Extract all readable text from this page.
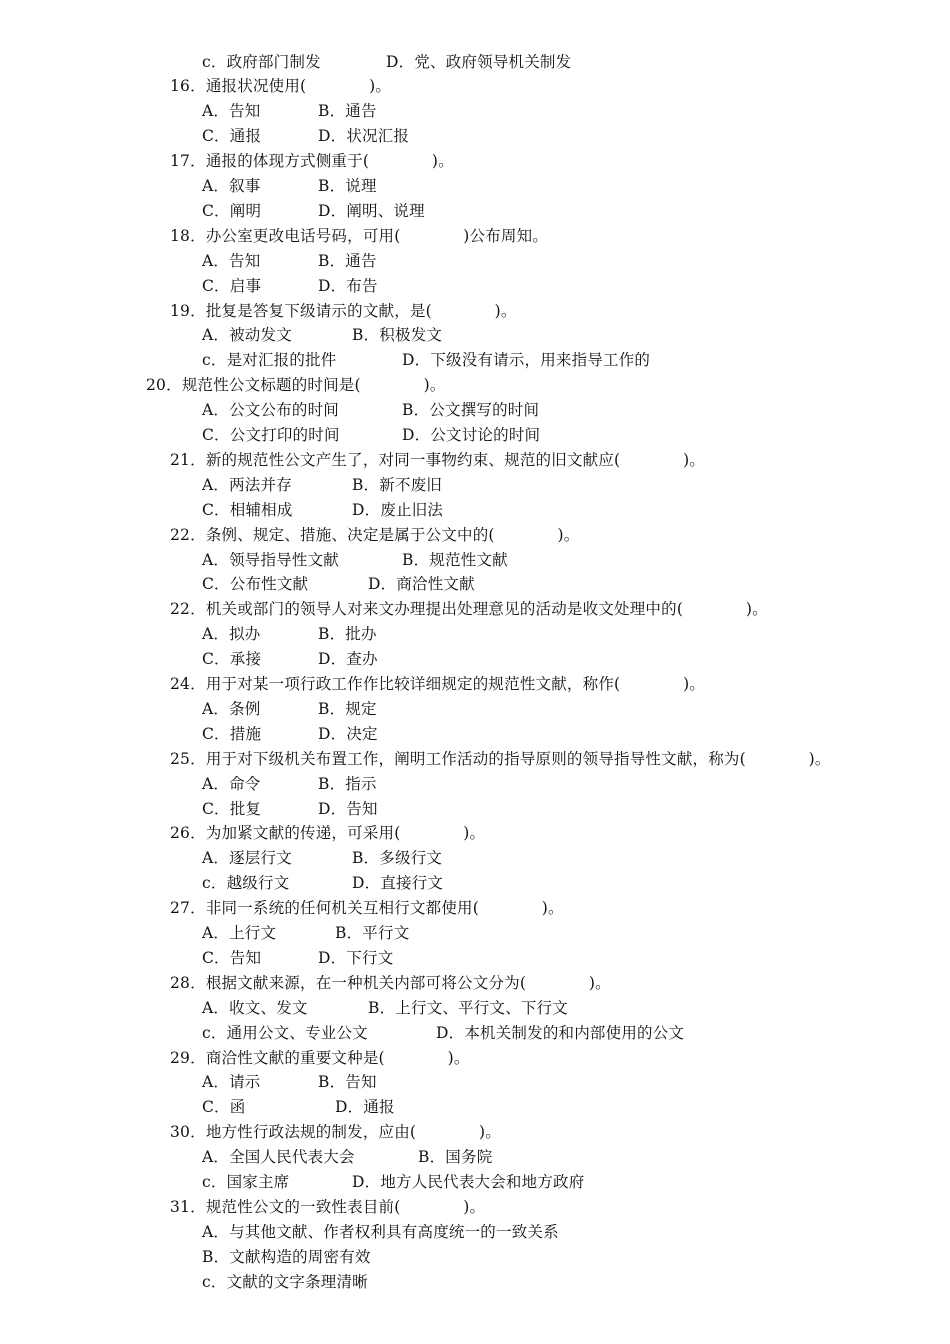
c．政府部门制发	D．党、政府领导机关制发
16．通报状况使用(　　　　)。
A．告知	B．通告
C．通报	D．状况汇报
17．通报的体现方式侧重于(　　　　)。
A．叙事	B．说理
C．阐明	D．阐明、说理
18．办公室更改电话号码，可用(　　　　)公布周知。
A．告知	B．通告
C．启事	D．布告
19．批复是答复下级请示的文献，是(　　　　)。
A．被动发文	B．积极发文
c．是对汇报的批件	D．下级没有请示，用来指导工作的
20．规范性公文标题的时间是(　　　　)。
A．公文公布的时间	B．公文撰写的时间
C．公文打印的时间	D．公文讨论的时间
21．新的规范性公文产生了，对同一事物约束、规范的旧文献应(　　　　)。
A．两法并存	B．新不废旧
C．相辅相成	D．废止旧法
22．条例、规定、措施、决定是属于公文中的(　　　　)。
A．领导指导性文献	B．规范性文献
C．公布性文献	D．商洽性文献
22．机关或部门的领导人对来文办理提出处理意见的活动是收文处理中的(　　　　)。
A．拟办	B．批办
C．承接	D．查办
24．用于对某一项行政工作作比较详细规定的规范性文献，称作(　　　　)。
A．条例	B．规定
C．措施	D．决定
25．用于对下级机关布置工作，阐明工作活动的指导原则的领导指导性文献，称为(　　　　)。
A．命令	B．指示
C．批复	D．告知
26．为加紧文献的传递，可采用(　　　　)。
A．逐层行文	B．多级行文
c．越级行文	D．直接行文
27．非同一系统的任何机关互相行文都使用(　　　　)。
A．上行文	B．平行文
C．告知	D．下行文
28．根据文献来源，在一种机关内部可将公文分为(　　　　)。
A．收文、发文	B．上行文、平行文、下行文
c．通用公文、专业公文	D．本机关制发的和内部使用的公文
29．商洽性文献的重要文种是(　　　　)。
A．请示	B．告知
C．函	D．通报
30．地方性行政法规的制发，应由(　　　　)。
A．全国人民代表大会	B．国务院
c．国家主席	D．地方人民代表大会和地方政府
31．规范性公文的一致性表目前(　　　　)。
A．与其他文献、作者权利具有高度统一的一致关系
B．文献构造的周密有效
c．文献的文字条理清晰
